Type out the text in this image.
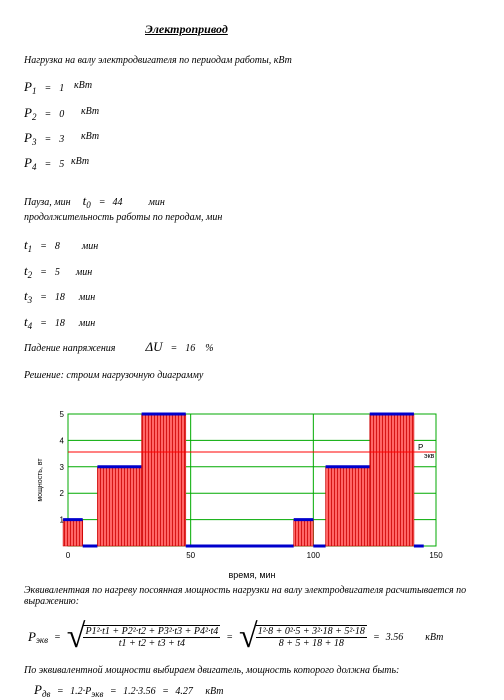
Электропривод
Нагрузка на валу электродвигателя по периодам работы, кВт
P1 = 1 кВт
P2 = 0 кВт
P3 = 3 кВт
P4 = 5 кВт
Пауза, мин t0 = 44	мин
продолжительность работы по перодам, мин
t1 = 8 мин
t2 = 5 мин
t3 = 18 мин
t4 = 18 мин
Падение напряжения ΔU = 16 %
Решение: строим нагрузочную диаграмму
P
экв
1
2
3
4
5
0	50	100	150
время, мин
мощность, вт
Эквивалентная по нагреву посоянная мощность нагрузки на валу электродвигателя расчитывается по выражению:
P экв = √
$\frac{\text{P1²·t1 + P2²·t2 + P3²·t3 + P4²·t4}}{t1 + t2 + t3 + t4}$ = √
$\frac{\text{1²·8 + 0²·5 + 3²·18 + 5²·18}}{8 + 5 + 18 + 18} = 3.56$ кВт
По эквивалентной мощности выбираем двигатель, мощность которого должна быть:
Pдв = 1.2·Pэкв = 1.2·3.56 = 4.27 кВт
